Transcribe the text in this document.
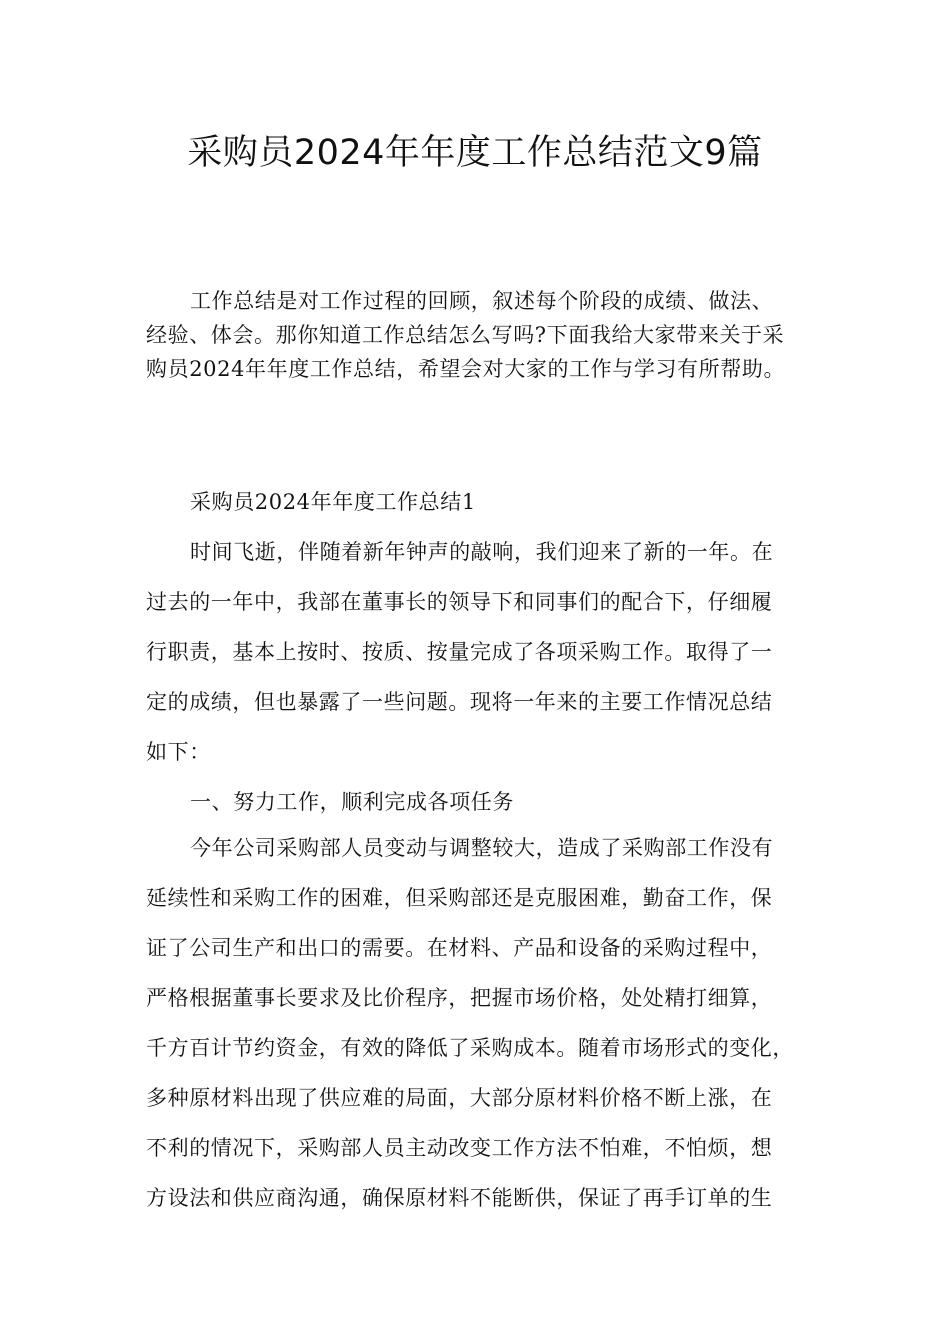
采购员2024年年度工作总结范文9篇
工作总结是对工作过程的回顾，叙述每个阶段的成绩、做法、
经验、体会。那你知道工作总结怎么写吗?下面我给大家带来关于采
购员2024年年度工作总结，希望会对大家的工作与学习有所帮助。
采购员2024年年度工作总结1
时间飞逝，伴随着新年钟声的敲响，我们迎来了新的一年。在
过去的一年中，我部在董事长的领导下和同事们的配合下，仔细履
行职责，基本上按时、按质、按量完成了各项采购工作。取得了一
定的成绩，但也暴露了一些问题。现将一年来的主要工作情况总结
如下：
一、努力工作，顺利完成各项任务
今年公司采购部人员变动与调整较大，造成了采购部工作没有
延续性和采购工作的困难，但采购部还是克服困难，勤奋工作，保
证了公司生产和出口的需要。在材料、产品和设备的采购过程中，
严格根据董事长要求及比价程序，把握市场价格，处处精打细算，
千方百计节约资金，有效的降低了采购成本。随着市场形式的变化，
多种原材料出现了供应难的局面，大部分原材料价格不断上涨，在
不利的情况下，采购部人员主动改变工作方法不怕难，不怕烦，想
方设法和供应商沟通，确保原材料不能断供，保证了再手订单的生
